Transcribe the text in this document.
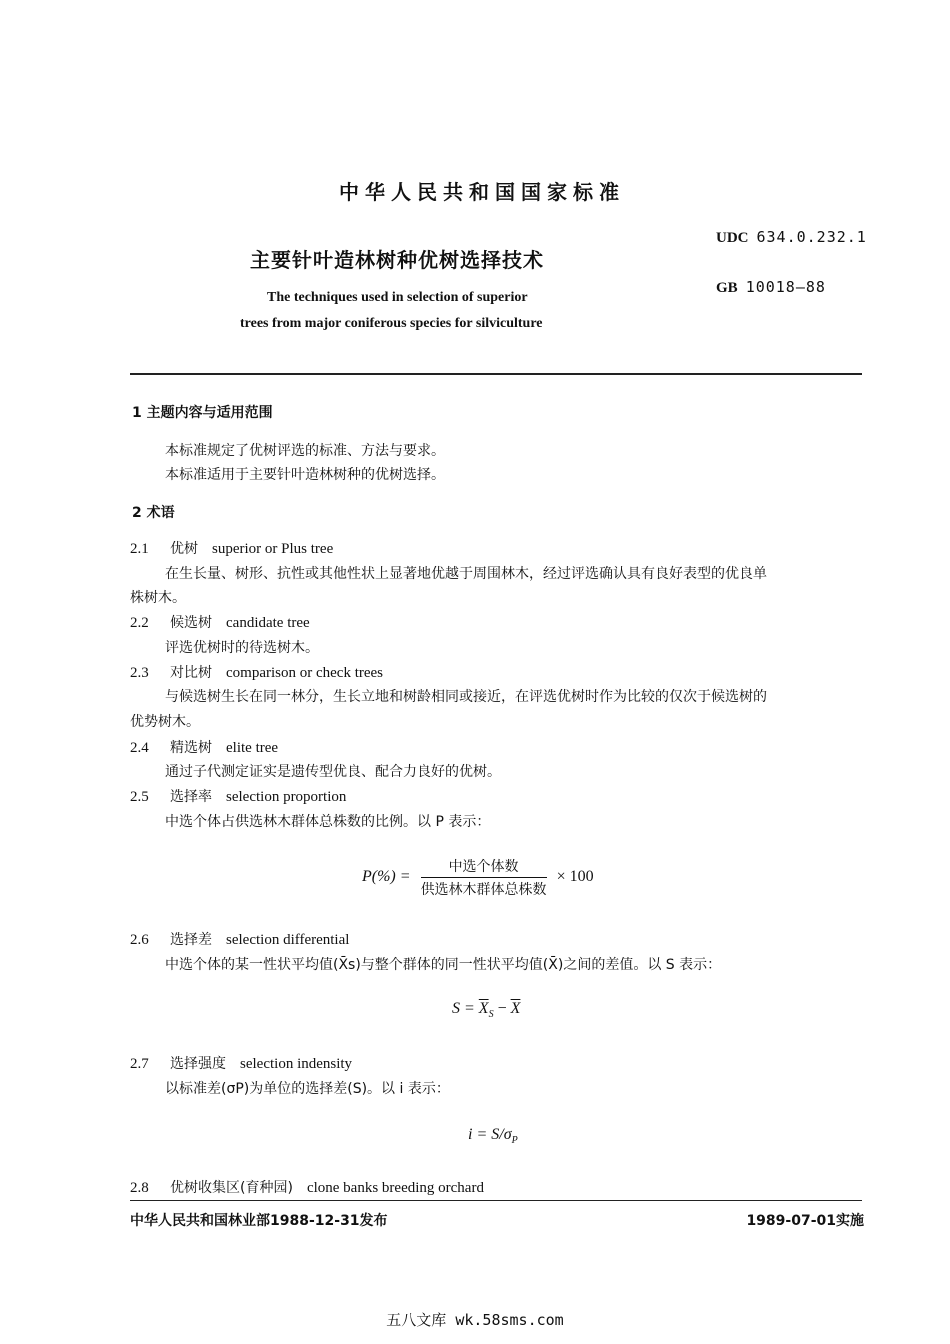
中华人民共和国国家标准
主要针叶造林树种优树选择技术
UDC 634.0.232.1
GB 10018—88
The techniques used in selection of superior
trees from major coniferous species for silviculture
1 主题内容与适用范围
本标准规定了优树评选的标准、方法与要求。
本标准适用于主要针叶造林树种的优树选择。
2 术语
2.1 优树 superior or Plus tree
在生长量、树形、抗性或其他性状上显著地优越于周围林木，经过评选确认具有良好表型的优良单
株树木。
2.2 候选树 candidate tree
评选优树时的待选树木。
2.3 对比树 comparison or check trees
与候选树生长在同一林分，生长立地和树龄相同或接近，在评选优树时作为比较的仅次于候选树的
优势树木。
2.4 精选树 elite tree
通过子代测定证实是遗传型优良、配合力良好的优树。
2.5 选择率 selection proportion
中选个体占供选林木群体总株数的比例。以 P 表示：
$P(\%) = \frac{\text{中选个体数}}{\text{供选林木群体总株数}} \times 100$
2.6 选择差 selection differential
中选个体的某一性状平均值(X̄s)与整个群体的同一性状平均值(X̄)之间的差值。以 S 表示：
$S = \overline{X}_S - \overline{X}$
2.7 选择强度 selection indensity
以标准差(σP)为单位的选择差(S)。以 i 表示：
$i = S/\sigma_P$
2.8 优树收集区(育种园) clone banks breeding orchard
中华人民共和国林业部1988-12-31发布	1989-07-01实施
五八文库 wk.58sms.com
